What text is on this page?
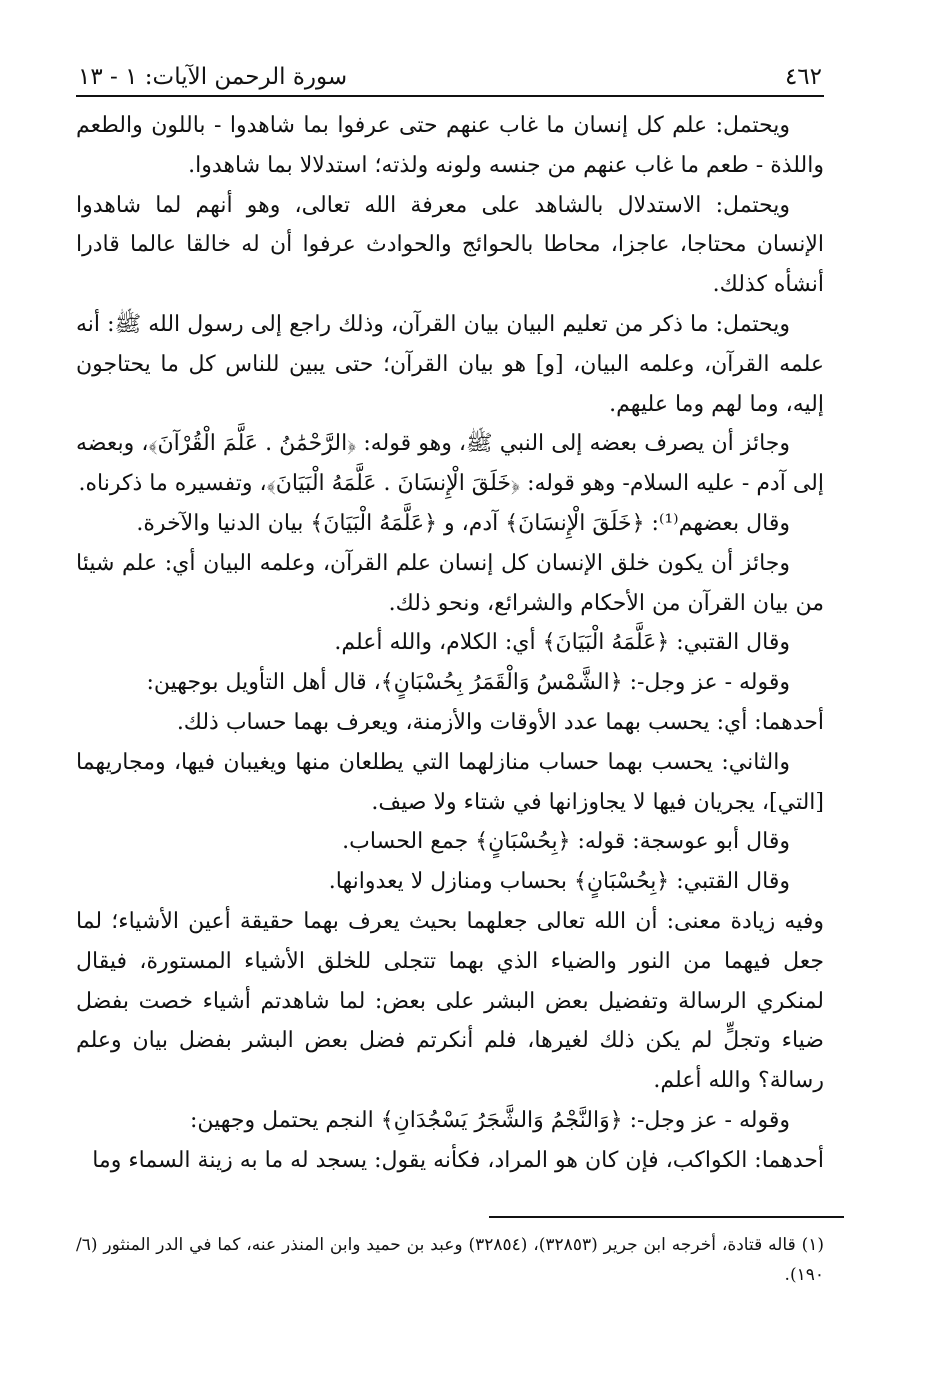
٤٦٢
سورة الرحمن الآيات: ١ - ١٣

ويحتمل: علم كل إنسان ما غاب عنهم حتى عرفوا بما شاهدوا - باللون والطعم واللذة - طعم ما غاب عنهم من جنسه ولونه ولذته؛ استدلالا بما شاهدوا.

ويحتمل: الاستدلال بالشاهد على معرفة الله تعالى، وهو أنهم لما شاهدوا الإنسان محتاجا، عاجزا، محاطا بالحوائج والحوادث عرفوا أن له خالقا عالما قادرا أنشأه كذلك.

ويحتمل: ما ذكر من تعليم البيان بيان القرآن، وذلك راجع إلى رسول الله ﷺ: أنه علمه القرآن، وعلمه البيان، [و] هو بيان القرآن؛ حتى يبين للناس كل ما يحتاجون إليه، وما لهم وما عليهم.

وجائز أن يصرف بعضه إلى النبي ﷺ، وهو قوله: ﴿الرَّحْمَٰنُ . عَلَّمَ الْقُرْآنَ﴾، وبعضه إلى آدم - عليه السلام- وهو قوله: ﴿خَلَقَ الْإِنسَانَ . عَلَّمَهُ الْبَيَانَ﴾، وتفسيره ما ذكرناه.

وقال بعضهم⁽¹⁾: ﴿خَلَقَ الْإِنسَانَ﴾ آدم، و ﴿عَلَّمَهُ الْبَيَانَ﴾ بيان الدنيا والآخرة.

وجائز أن يكون خلق الإنسان كل إنسان علم القرآن، وعلمه البيان أي: علم شيئا من بيان القرآن من الأحكام والشرائع، ونحو ذلك.

وقال القتبي: ﴿عَلَّمَهُ الْبَيَانَ﴾ أي: الكلام، والله أعلم.

وقوله - عز وجل-: ﴿الشَّمْسُ وَالْقَمَرُ بِحُسْبَانٍ﴾، قال أهل التأويل بوجهين:

أحدهما: أي: يحسب بهما عدد الأوقات والأزمنة، ويعرف بهما حساب ذلك.

والثاني: يحسب بهما حساب منازلهما التي يطلعان منها ويغيبان فيها، ومجاريهما [التي]، يجريان فيها لا يجاوزانها في شتاء ولا صيف.

وقال أبو عوسجة: قوله: ﴿بِحُسْبَانٍ﴾ جمع الحساب.

وقال القتبي: ﴿بِحُسْبَانٍ﴾ بحساب ومنازل لا يعدوانها.

وفيه زيادة معنى: أن الله تعالى جعلهما بحيث يعرف بهما حقيقة أعين الأشياء؛ لما جعل فيهما من النور والضياء الذي بهما تتجلى للخلق الأشياء المستورة، فيقال لمنكري الرسالة وتفضيل بعض البشر على بعض: لما شاهدتم أشياء خصت بفضل ضياء وتجلٍّ لم يكن ذلك لغيرها، فلم أنكرتم فضل بعض البشر بفضل بيان وعلم رسالة؟ والله أعلم.

وقوله - عز وجل-: ﴿وَالنَّجْمُ وَالشَّجَرُ يَسْجُدَانِ﴾ النجم يحتمل وجهين:

أحدهما: الكواكب، فإن كان هو المراد، فكأنه يقول: يسجد له ما به زينة السماء وما

(١) قاله قتادة، أخرجه ابن جرير (٣٢٨٥٣)، (٣٢٨٥٤) وعبد بن حميد وابن المنذر عنه، كما في الدر المنثور (٦/ ١٩٠).
